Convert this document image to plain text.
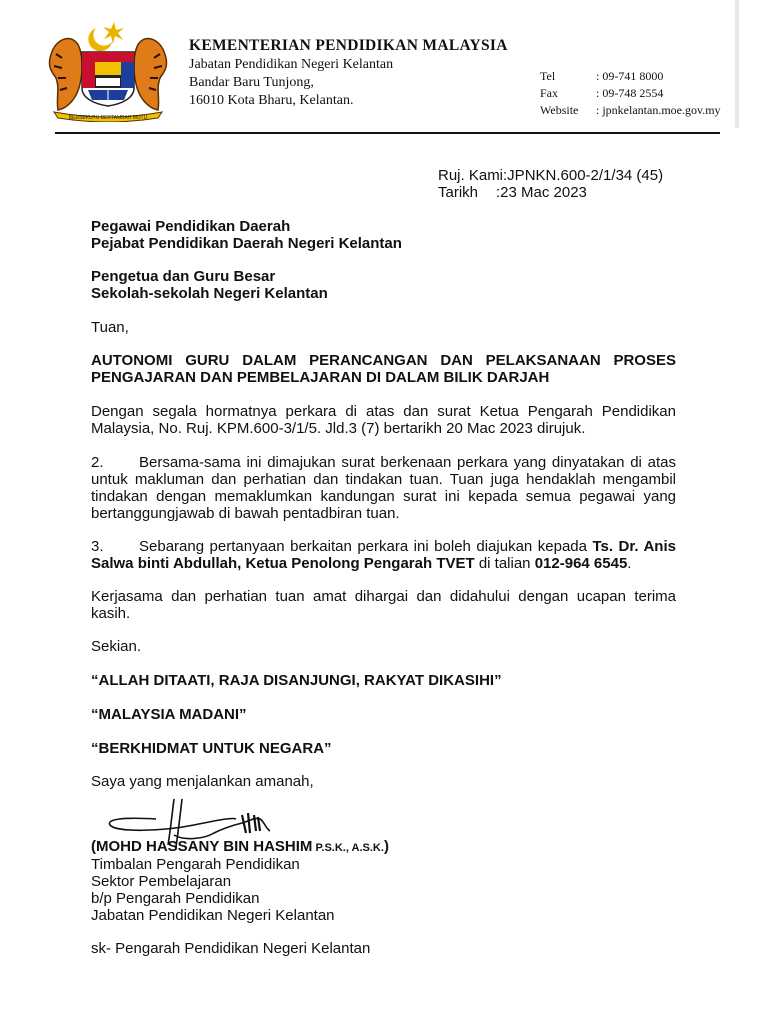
BERSEKUTU BERTAMBAH MUTU
KEMENTERIAN PENDIDIKAN MALAYSIA
Jabatan Pendidikan Negeri Kelantan
Bandar Baru Tunjong,
16010 Kota Bharu, Kelantan.
Tel	: 09-741 8000
Fax	: 09-748 2554
Website	: jpnkelantan.moe.gov.my
Ruj. Kami:JPNKN.600-2/1/34 (45)
Tarikh :23 Mac 2023
Pegawai Pendidikan Daerah
Pejabat Pendidikan Daerah Negeri Kelantan
Pengetua dan Guru Besar
Sekolah-sekolah Negeri Kelantan
Tuan,
AUTONOMI GURU DALAM PERANCANGAN DAN PELAKSANAAN PROSES
PENGAJARAN DAN PEMBELAJARAN DI DALAM BILIK DARJAH
Dengan segala hormatnya perkara di atas dan surat Ketua Pengarah Pendidikan
Malaysia, No. Ruj. KPM.600-3/1/5. Jld.3 (7) bertarikh 20 Mac 2023 dirujuk.
2. Bersama-sama ini dimajukan surat berkenaan perkara yang dinyatakan di atas
untuk makluman dan perhatian dan tindakan tuan. Tuan juga hendaklah mengambil
tindakan dengan memaklumkan kandungan surat ini kepada semua pegawai yang
bertanggungjawab di bawah pentadbiran tuan.
3. Sebarang pertanyaan berkaitan perkara ini boleh diajukan kepada Ts. Dr. Anis
Salwa binti Abdullah, Ketua Penolong Pengarah TVET di talian 012-964 6545.
Kerjasama dan perhatian tuan amat dihargai dan didahului dengan ucapan terima
kasih.
Sekian.
“ALLAH DITAATI, RAJA DISANJUNGI, RAKYAT DIKASIHI”
“MALAYSIA MADANI”
“BERKHIDMAT UNTUK NEGARA”
Saya yang menjalankan amanah,
(MOHD HASSANY BIN HASHIM P.S.K., A.S.K.)
Timbalan Pengarah Pendidikan
Sektor Pembelajaran
b/p Pengarah Pendidikan
Jabatan Pendidikan Negeri Kelantan
sk- Pengarah Pendidikan Negeri Kelantan
